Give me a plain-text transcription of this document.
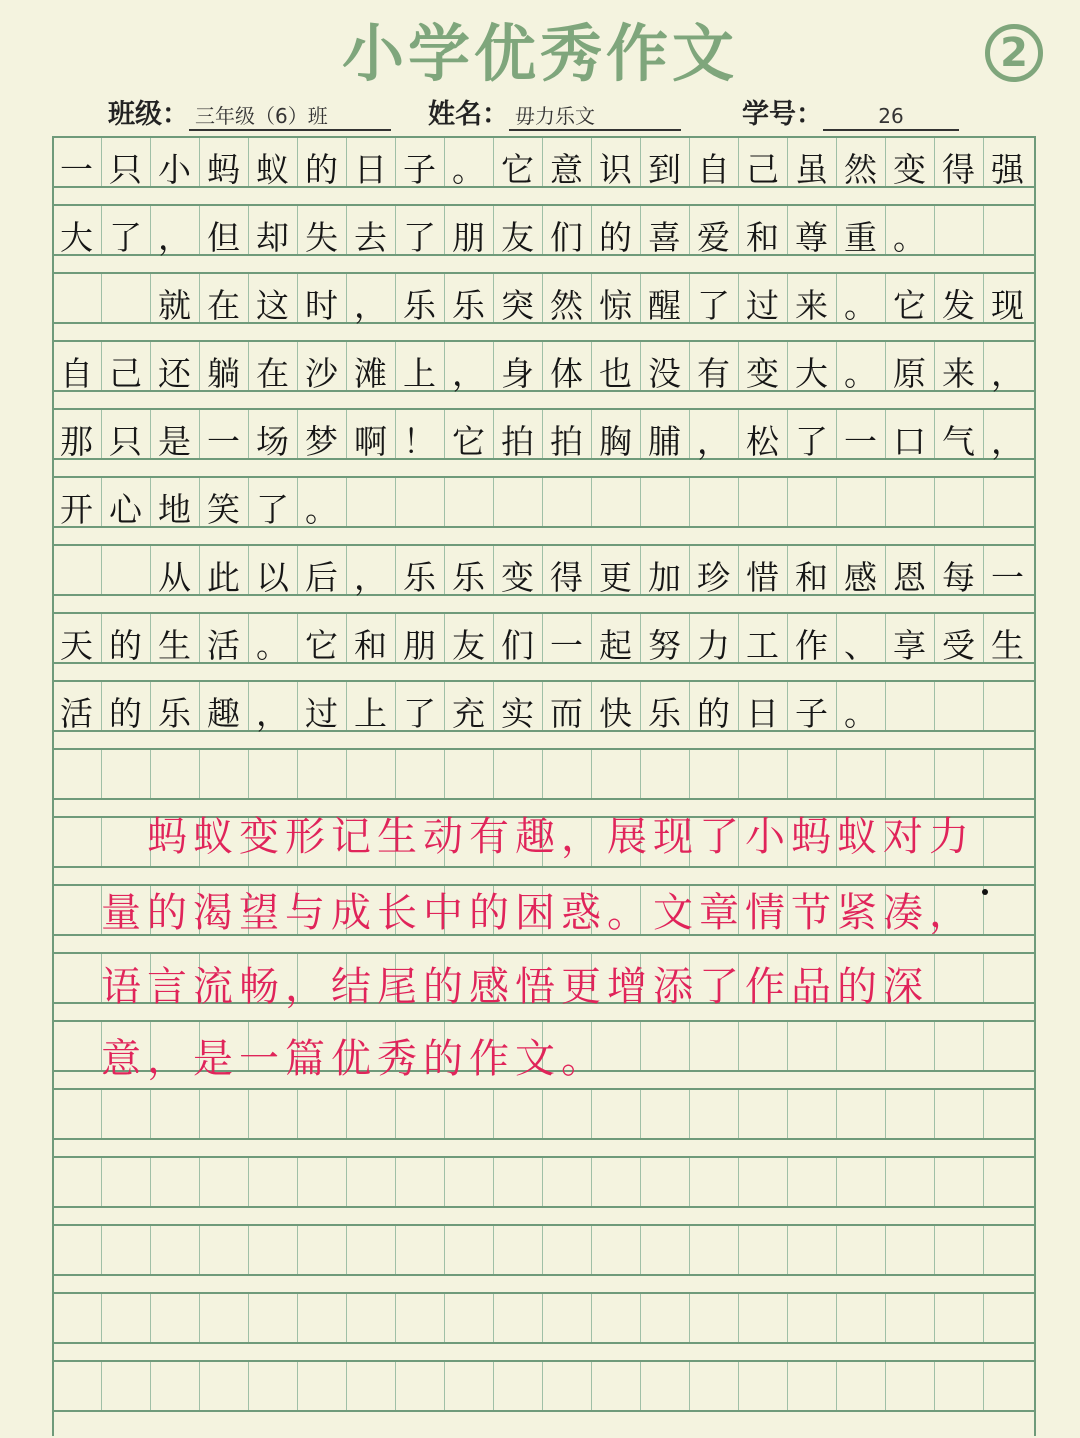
小学优秀作文	2
班级： 三年级（6）班	姓名： 毋力乐文	学号：	26
一 只 小 蚂 蚁 的 日 子 。 它 意 识 到 自 己 虽 然 变 得 强
大 了 ， 但 却 失 去 了 朋 友 们 的 喜 爱 和 尊 重 。
就 在 这 时 ， 乐 乐 突 然 惊 醒 了 过 来 。 它 发 现
自 己 还 躺 在 沙 滩 上 ， 身 体 也 没 有 变 大 。 原 来 ，
那 只 是 一 场 梦 啊 ！ 它 拍 拍 胸 脯 ， 松 了 一 口 气 ，
开 心 地 笑 了 。
从 此 以 后 ， 乐 乐 变 得 更 加 珍 惜 和 感 恩 每 一
天 的 生 活 。 它 和 朋 友 们 一 起 努 力 工 作 、 享 受 生
活 的 乐 趣 ， 过 上 了 充 实 而 快 乐 的 日 子 。
蚂 蚁 变 形 记 生 动 有 趣 ， 展 现 了 小 蚂 蚁 对 力
量 的 渴 望 与 成 长 中 的 困 惑 。 文 章 情 节 紧 凑 ，
语 言 流 畅 ， 结 尾 的 感 悟 更 增 添 了 作 品 的 深
意 ， 是 一 篇 优 秀 的 作 文 。
